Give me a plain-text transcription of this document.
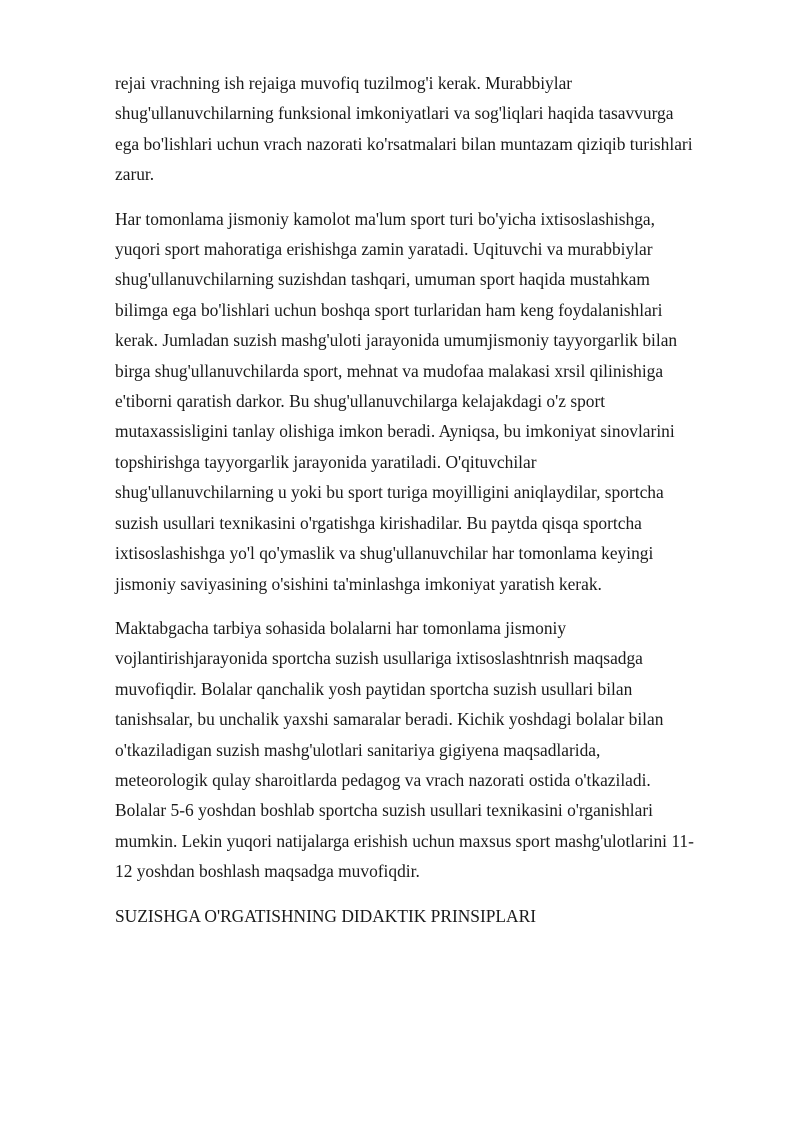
rejai vrachning ish rejaiga muvofiq tuzilmog'i kerak. Murabbiylar
shug'ullanuvchilarning funksional imkoniyatlari va sog'liqlari haqida tasavvurga
ega bo'lishlari uchun vrach nazorati ko'rsatmalari bilan muntazam qiziqib turishlari
zarur.

Har tomonlama jismoniy kamolot ma'lum sport turi bo'yicha ixtisoslashishga,
yuqori sport mahoratiga erishishga zamin yaratadi. Uqituvchi va murabbiylar
shug'ullanuvchilarning suzishdan tashqari, umuman sport haqida mustahkam
bilimga ega bo'lishlari uchun boshqa sport turlaridan ham keng foydalanishlari
kerak. Jumladan suzish mashg'uloti jarayonida umumjismoniy tayyorgarlik bilan
birga shug'ullanuvchilarda sport, mehnat va mudofaa malakasi xrsil qilinishiga
e'tiborni qaratish darkor. Bu shug'ullanuvchilarga kelajakdagi o'z sport
mutaxassisligini tanlay olishiga imkon beradi. Ayniqsa, bu imkoniyat sinovlarini
topshirishga tayyorgarlik jarayonida yaratiladi. O'qituvchilar
shug'ullanuvchilarning u yoki bu sport turiga moyilligini aniqlaydilar, sportcha
suzish usullari texnikasini o'rgatishga kirishadilar. Bu paytda qisqa sportcha
ixtisoslashishga yo'l qo'ymaslik va shug'ullanuvchilar har tomonlama keyingi
jismoniy saviyasining o'sishini ta'minlashga imkoniyat yaratish kerak.

Maktabgacha tarbiya sohasida bolalarni har tomonlama jismoniy
vojlantirishjarayonida sportcha suzish usullariga ixtisoslashtnrish maqsadga
muvofiqdir. Bolalar qanchalik yosh paytidan sportcha suzish usullari bilan
tanishsalar, bu unchalik yaxshi samaralar beradi. Kichik yoshdagi bolalar bilan
o'tkaziladigan suzish mashg'ulotlari sanitariya gigiyena maqsadlarida,
meteorologik qulay sharoitlarda pedagog va vrach nazorati ostida o'tkaziladi.
Bolalar 5-6 yoshdan boshlab sportcha suzish usullari texnikasini o'rganishlari
mumkin. Lekin yuqori natijalarga erishish uchun maxsus sport mashg'ulotlarini 11-
12 yoshdan boshlash maqsadga muvofiqdir.

SUZISHGA O'RGATISHNING DIDAKTIK PRINSIPLARI
